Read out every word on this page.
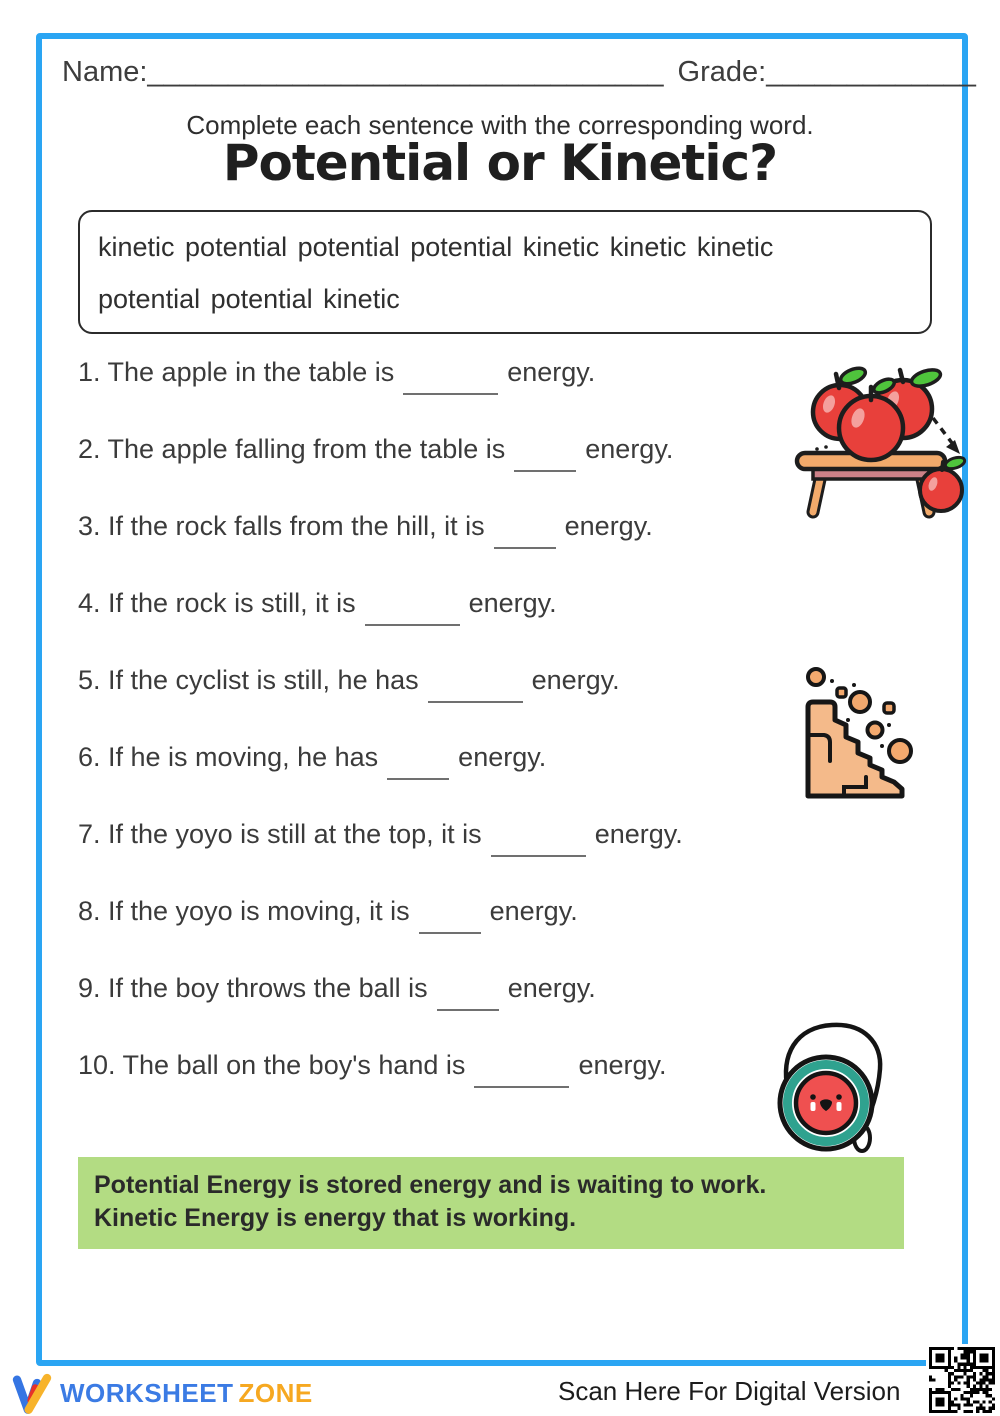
Name:________________________________ Grade:_____________
Complete each sentence with the corresponding word.
Potential or Kinetic?
kinetic potential potential potential kinetic kinetic kinetic
potential potential kinetic
1. The apple in the table is	energy.
2. The apple falling from the table is	energy.
3. If the rock falls from the hill, it is	energy.
4. If the rock is still, it is	energy.
5. If the cyclist is still, he has	energy.
6. If he is moving, he has	energy.
7. If the yoyo is still at the top, it is	energy.
8. If the yoyo is moving, it is	energy.
9. If the boy throws the ball is	energy.
10. The ball on the boy's hand is	energy.
Potential Energy is stored energy and is waiting to work.
Kinetic Energy is energy that is working.
WORKSHEET ZONE	Scan Here For Digital Version
